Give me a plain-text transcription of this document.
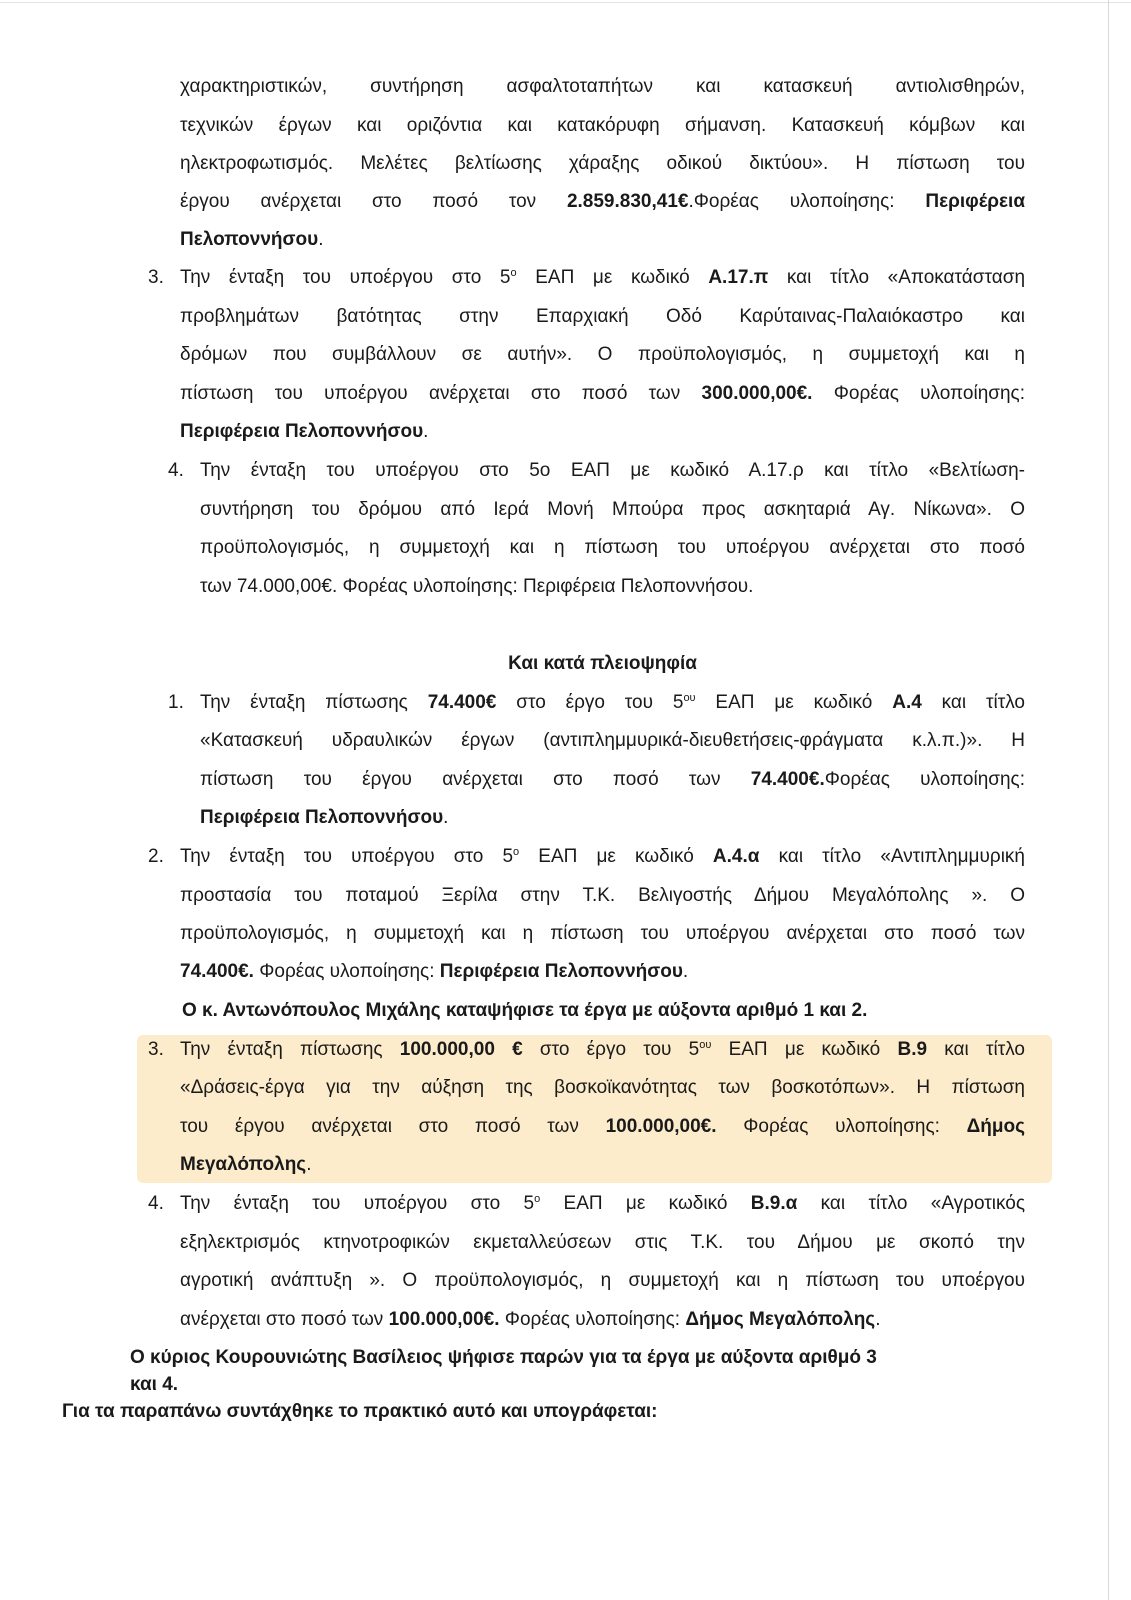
χαρακτηριστικών, συντήρηση ασφαλτοταπήτων και κατασκευή αντιολισθηρών,
τεχνικών έργων και οριζόντια και κατακόρυφη σήμανση. Κατασκευή κόμβων και
ηλεκτροφωτισμός. Μελέτες βελτίωσης χάραξης οδικού δικτύου». Η πίστωση του
έργου ανέρχεται στο ποσό τον 2.859.830,41€.Φορέας υλοποίησης: Περιφέρεια
Πελοποννήσου.
3. Την ένταξη του υποέργου στο $5^o$ ΕΑΠ με κωδικό Α.17.π και τίτλο «Αποκατάσταση
προβλημάτων βατότητας στην Επαρχιακή Οδό Καρύταινας-Παλαιόκαστρο και
δρόμων που συμβάλλουν σε αυτήν». Ο προϋπολογισμός, η συμμετοχή και η
πίστωση του υποέργου ανέρχεται στο ποσό των 300.000,00€. Φορέας υλοποίησης:
Περιφέρεια Πελοποννήσου.
4. Την ένταξη του υποέργου στο 5ο ΕΑΠ με κωδικό Α.17.ρ και τίτλο «Βελτίωση-
συντήρηση του δρόμου από Ιερά Μονή Μπούρα προς ασκηταριά Αγ. Νίκωνα». Ο
προϋπολογισμός, η συμμετοχή και η πίστωση του υποέργου ανέρχεται στο ποσό
των 74.000,00€. Φορέας υλοποίησης: Περιφέρεια Πελοποννήσου.
Και κατά πλειοψηφία
1. Την ένταξη πίστωσης 74.400€ στο έργο του $5^{o\upsilon}$ ΕΑΠ με κωδικό Α.4 και τίτλο
«Κατασκευή υδραυλικών έργων (αντιπλημμυρικά-διευθετήσεις-φράγματα κ.λ.π.)». Η
πίστωση του έργου ανέρχεται στο ποσό των 74.400€.Φορέας υλοποίησης:
Περιφέρεια Πελοποννήσου.
2. Την ένταξη του υποέργου στο $5^o$ ΕΑΠ με κωδικό Α.4.α και τίτλο «Αντιπλημμυρική
προστασία του ποταμού Ξερίλα στην Τ.Κ. Βελιγοστής Δήμου Μεγαλόπολης ». Ο
προϋπολογισμός, η συμμετοχή και η πίστωση του υποέργου ανέρχεται στο ποσό των
74.400€. Φορέας υλοποίησης: Περιφέρεια Πελοποννήσου.
Ο κ. Αντωνόπουλος Μιχάλης καταψήφισε τα έργα με αύξοντα αριθμό 1 και 2.
3. Την ένταξη πίστωσης 100.000,00 € στο έργο του $5^{o\upsilon}$ ΕΑΠ με κωδικό Β.9 και τίτλο
«Δράσεις-έργα για την αύξηση της βοσκοϊκανότητας των βοσκοτόπων». Η πίστωση
του έργου ανέρχεται στο ποσό των 100.000,00€. Φορέας υλοποίησης: Δήμος
Μεγαλόπολης.
4. Την ένταξη του υποέργου στο $5^o$ ΕΑΠ με κωδικό Β.9.α και τίτλο «Αγροτικός
εξηλεκτρισμός κτηνοτροφικών εκμεταλλεύσεων στις Τ.Κ. του Δήμου με σκοπό την
αγροτική ανάπτυξη ». Ο προϋπολογισμός, η συμμετοχή και η πίστωση του υποέργου
ανέρχεται στο ποσό των 100.000,00€. Φορέας υλοποίησης: Δήμος Μεγαλόπολης.
Ο κύριος Κουρουνιώτης Βασίλειος ψήφισε παρών για τα έργα με αύξοντα αριθμό 3
και 4.
Για τα παραπάνω συντάχθηκε το πρακτικό αυτό και υπογράφεται:
